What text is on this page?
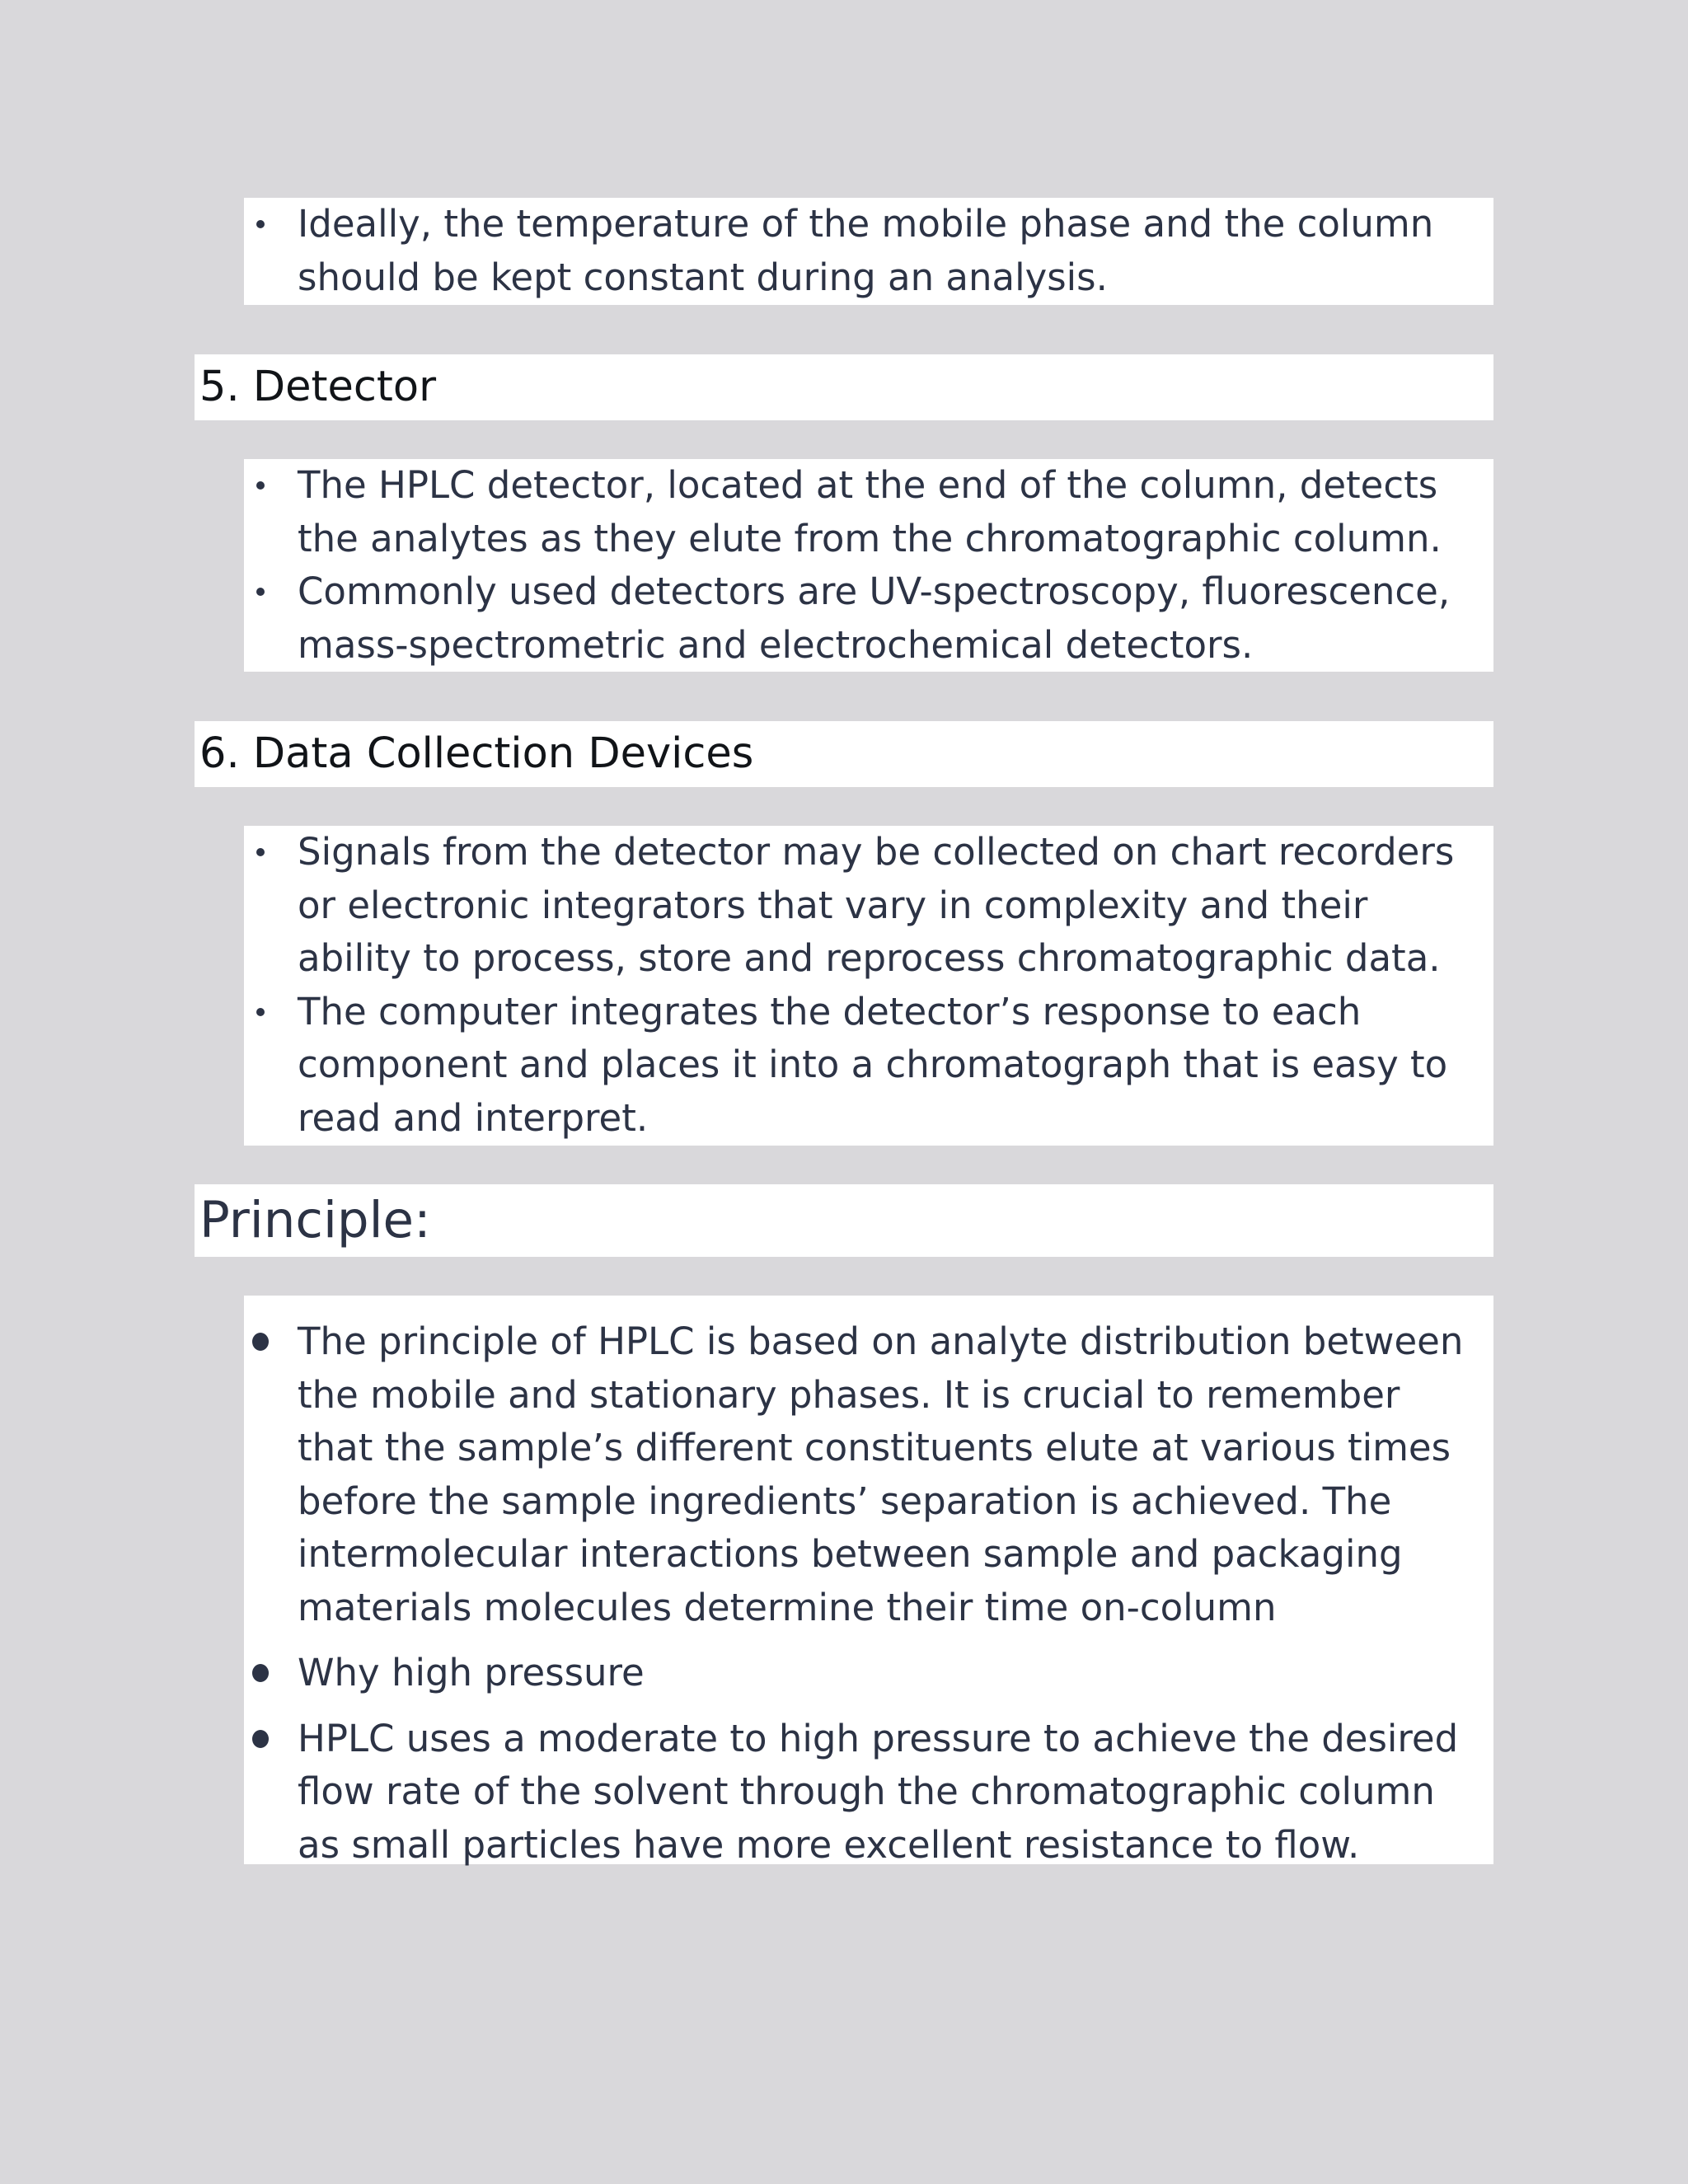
Ideally, the temperature of the mobile phase and the column should be kept constant during an analysis.
5. Detector
The HPLC detector, located at the end of the column, detects the analytes as they elute from the chromatographic column.
Commonly used detectors are UV-spectroscopy, fluorescence, mass-spectrometric and electrochemical detectors.
6. Data Collection Devices
Signals from the detector may be collected on chart recorders or electronic integrators that vary in complexity and their ability to process, store and reprocess chromatographic data.
The computer integrates the detector’s response to each component and places it into a chromatograph that is easy to read and interpret.
Principle:
The principle of HPLC is based on analyte distribution between the mobile and stationary phases. It is crucial to remember that the sample’s different constituents elute at various times before the sample ingredients’ separation is achieved. The intermolecular interactions between sample and packaging materials molecules determine their time on-column
Why high pressure
HPLC uses a moderate to high pressure to achieve the desired flow rate of the solvent through the chromatographic column as small particles have more excellent resistance to flow.
